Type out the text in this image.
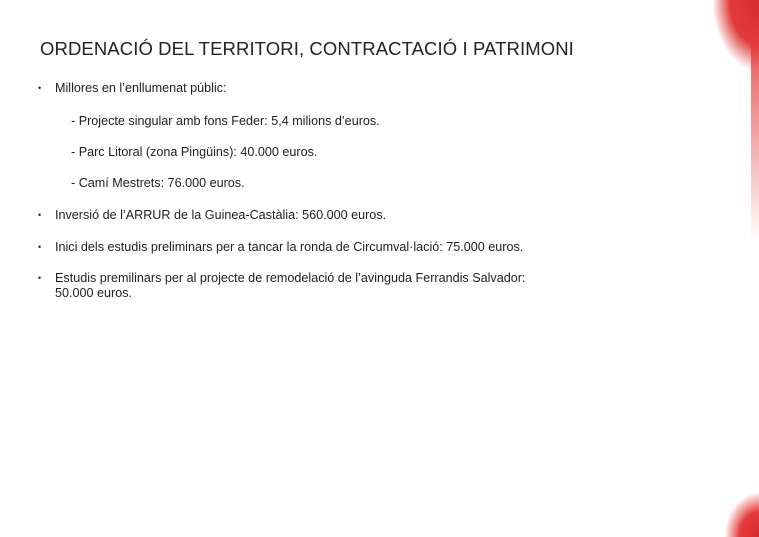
ORDENACIÓ DEL TERRITORI, CONTRACTACIÓ I PATRIMONI
• Millores en l’enllumenat públic:
- Projecte singular amb fons Feder: 5,4 milions d’euros.
- Parc Litoral (zona Pingüins): 40.000 euros.
- Camí Mestrets: 76.000 euros.
• Inversió de l’ARRUR de la Guinea-Castàlia: 560.000 euros.
• Inici dels estudis preliminars per a tancar la ronda de Circumval·lació: 75.000 euros.
• Estudis premilinars per al projecte de remodelació de l’avinguda Ferrandis Salvador:
50.000 euros.
